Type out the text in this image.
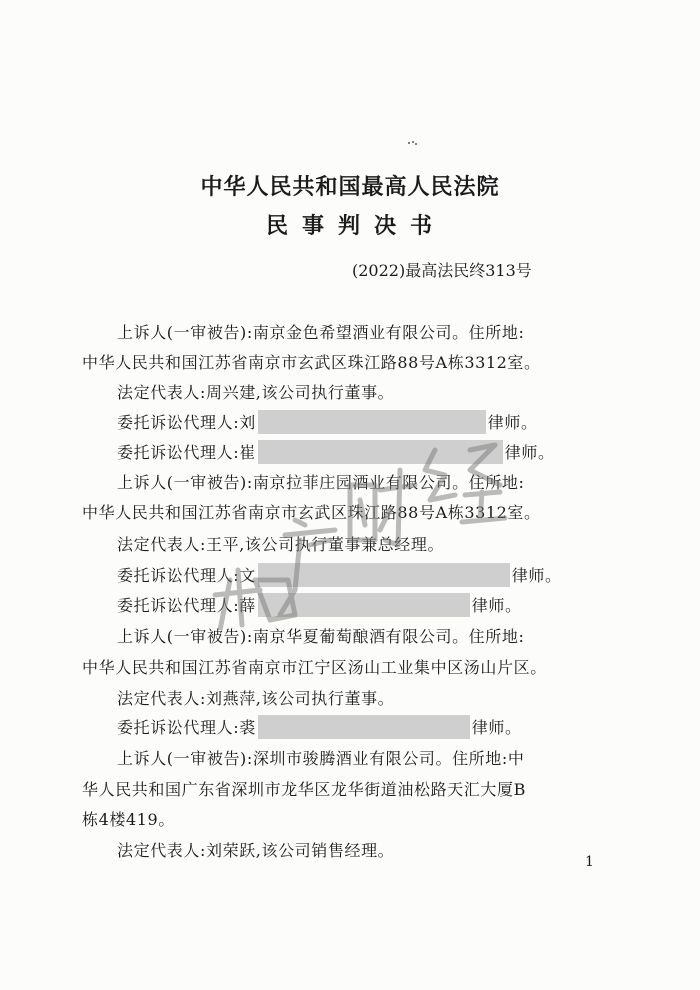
中华人民共和国最高人民法院
民事判决书
(2022)最高法民终313号
上诉人(一审被告):南京金色希望酒业有限公司。住所地:
中华人民共和国江苏省南京市玄武区珠江路88号A栋3312室。
法定代表人:周兴建,该公司执行董事。
委托诉讼代理人:刘	律师。
委托诉讼代理人:崔	律师。
上诉人(一审被告):南京拉菲庄园酒业有限公司。住所地:
中华人民共和国江苏省南京市玄武区珠江路88号A栋3312室。
法定代表人:王平,该公司执行董事兼总经理。
委托诉讼代理人:文	律师。
委托诉讼代理人:薛	律师。
上诉人(一审被告):南京华夏葡萄酿酒有限公司。住所地:
中华人民共和国江苏省南京市江宁区汤山工业集中区汤山片区。
法定代表人:刘燕萍,该公司执行董事。
委托诉讼代理人:裘	律师。
上诉人(一审被告):深圳市骏腾酒业有限公司。住所地:中
华人民共和国广东省深圳市龙华区龙华街道油松路天汇大厦B
栋4楼419。
法定代表人:刘荣跃,该公司销售经理。
1
